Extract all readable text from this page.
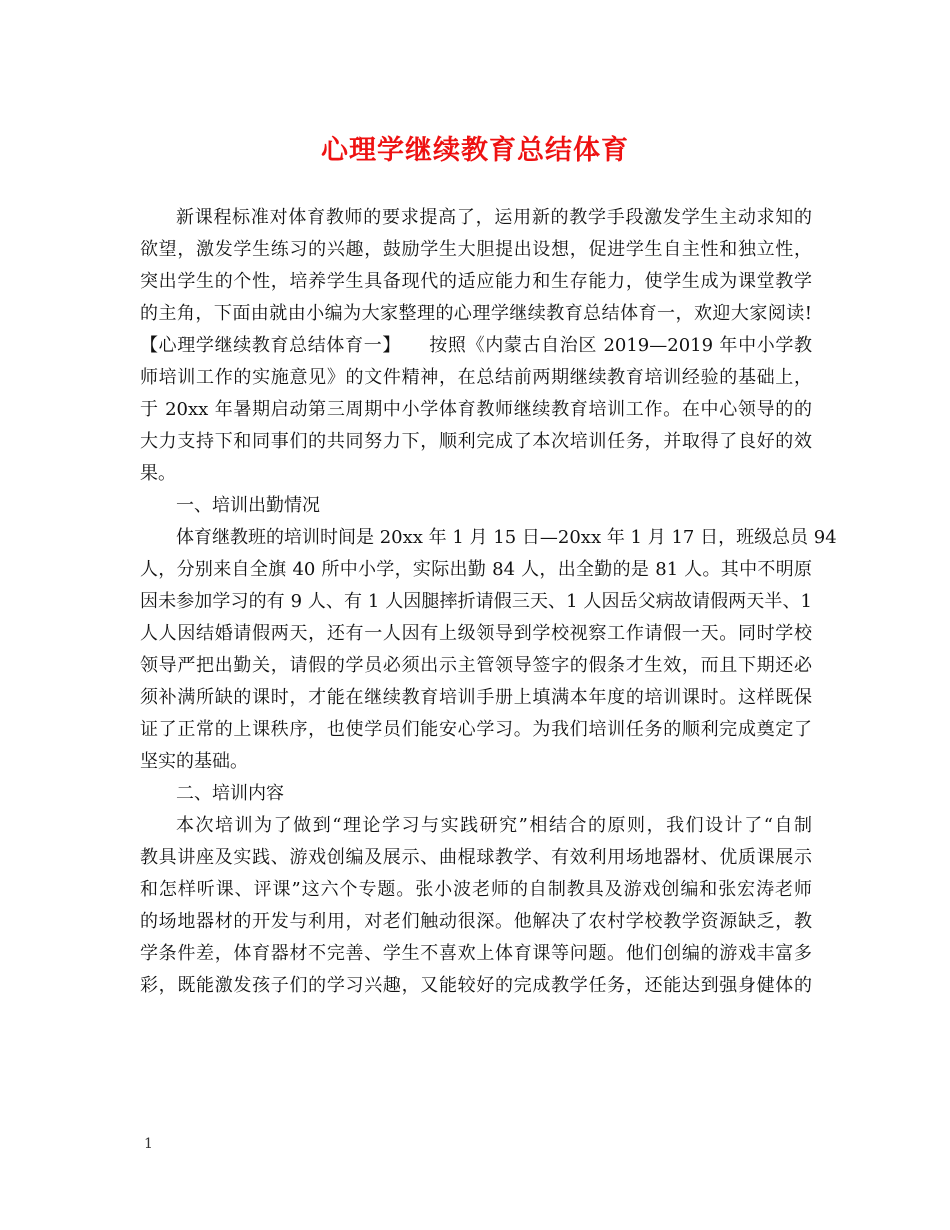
心理学继续教育总结体育
新课程标准对体育教师的要求提高了，运用新的教学手段激发学生主动求知的
欲望，激发学生练习的兴趣，鼓励学生大胆提出设想，促进学生自主性和独立性，
突出学生的个性，培养学生具备现代的适应能力和生存能力，使学生成为课堂教学
的主角，下面由就由小编为大家整理的心理学继续教育总结体育一，欢迎大家阅读!
【心理学继续教育总结体育一】　　按照《内蒙古自治区 2019—2019 年中小学教
师培训工作的实施意见》的文件精神，在总结前两期继续教育培训经验的基础上，
于 20xx 年暑期启动第三周期中小学体育教师继续教育培训工作。在中心领导的的
大力支持下和同事们的共同努力下，顺利完成了本次培训任务，并取得了良好的效
果。
一、培训出勤情况
体育继教班的培训时间是 20xx 年 1 月 15 日—20xx 年 1 月 17 日，班级总员 94
人，分别来自全旗 40 所中小学，实际出勤 84 人，出全勤的是 81 人。其中不明原
因未参加学习的有 9 人、有 1 人因腿摔折请假三天、1 人因岳父病故请假两天半、1
人人因结婚请假两天，还有一人因有上级领导到学校视察工作请假一天。同时学校
领导严把出勤关，请假的学员必须出示主管领导签字的假条才生效，而且下期还必
须补满所缺的课时，才能在继续教育培训手册上填满本年度的培训课时。这样既保
证了正常的上课秩序，也使学员们能安心学习。为我们培训任务的顺利完成奠定了
坚实的基础。
二、培训内容
本次培训为了做到“理论学习与实践研究”相结合的原则，我们设计了“自制
教具讲座及实践、游戏创编及展示、曲棍球教学、有效利用场地器材、优质课展示
和怎样听课、评课”这六个专题。张小波老师的自制教具及游戏创编和张宏涛老师
的场地器材的开发与利用，对老们触动很深。他解决了农村学校教学资源缺乏，教
学条件差，体育器材不完善、学生不喜欢上体育课等问题。他们创编的游戏丰富多
彩，既能激发孩子们的学习兴趣，又能较好的完成教学任务，还能达到强身健体的
1
